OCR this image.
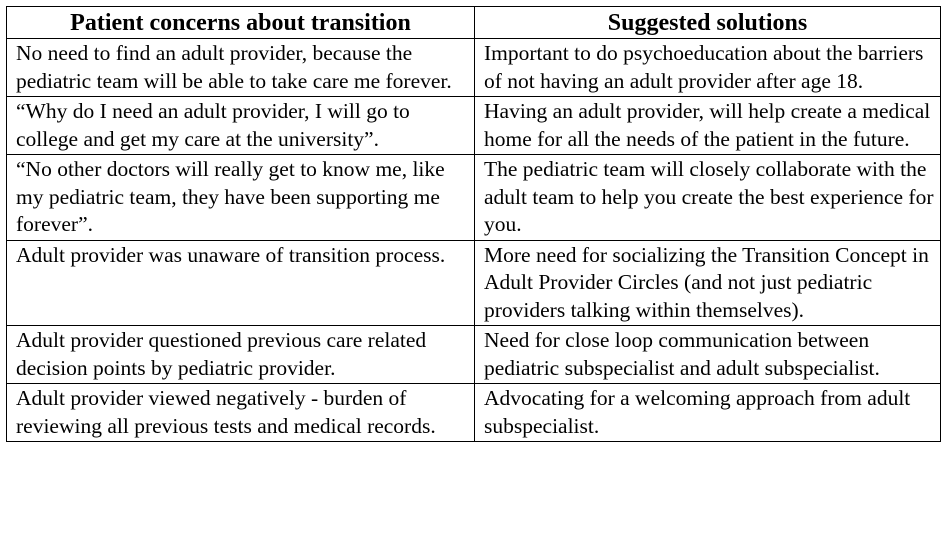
Patient concerns about transition	Suggested solutions
No need to find an adult provider, because the pediatric team will be able to take care me forever.	Important to do psychoeducation about the barriers of not having an adult provider after age 18.
“Why do I need an adult provider, I will go to college and get my care at the university”.	Having an adult provider, will help create a medical home for all the needs of the patient in the future.
“No other doctors will really get to know me, like my pediatric team, they have been supporting me forever”.	The pediatric team will closely collaborate with the adult team to help you create the best experience for you.
Adult provider was unaware of transition process.	More need for socializing the Transition Concept in Adult Provider Circles (and not just pediatric providers talking within themselves).
Adult provider questioned previous care related decision points by pediatric provider.	Need for close loop communication between pediatric subspecialist and adult subspecialist.
Adult provider viewed negatively - burden of reviewing all previous tests and medical records.	Advocating for a welcoming approach from adult subspecialist.
